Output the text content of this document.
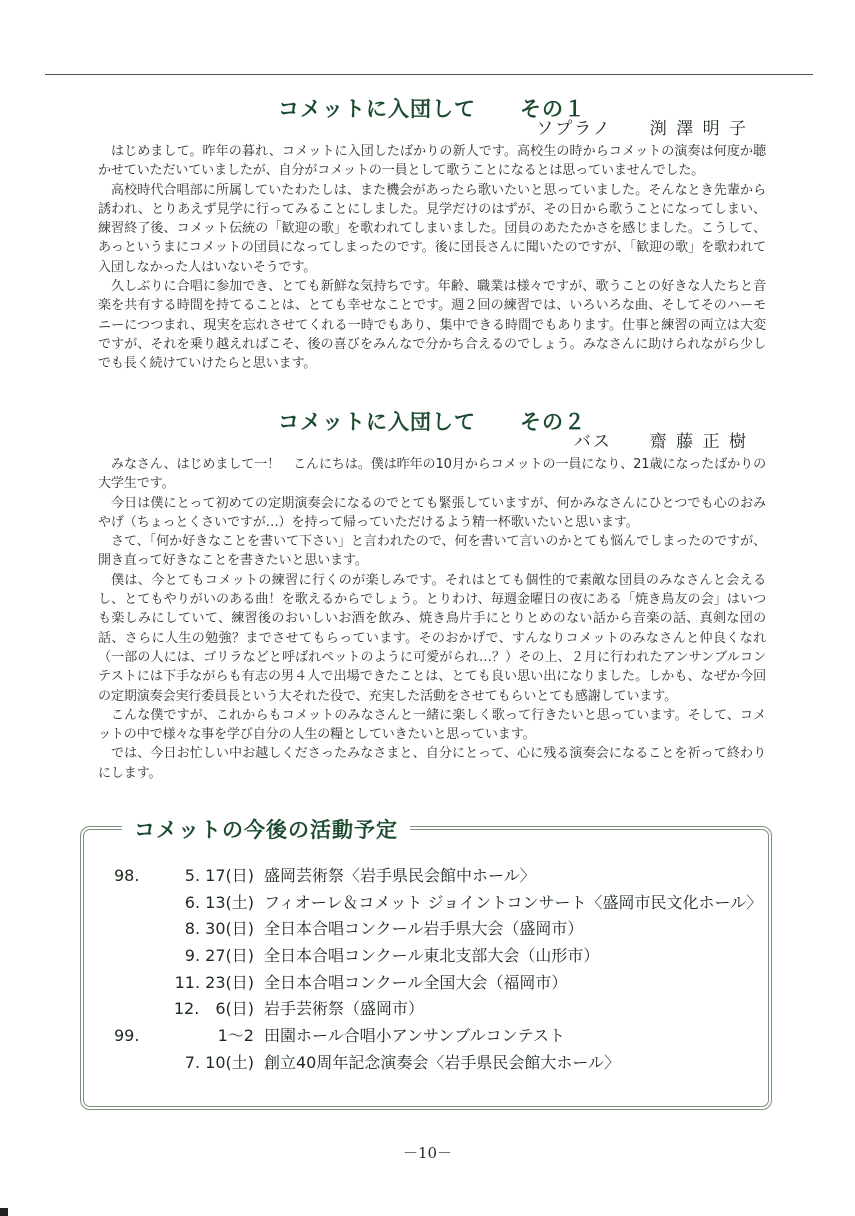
コメットに入団して　　その１
ソプラノ　　渕 澤 明 子

はじめまして。昨年の暮れ、コメットに入団したばかりの新人です。高校生の時からコメットの演奏は何度か聴かせていただいていましたが、自分がコメットの一員として歌うことになるとは思っていませんでした。

高校時代合唱部に所属していたわたしは、また機会があったら歌いたいと思っていました。そんなとき先輩から誘われ、とりあえず見学に行ってみることにしました。見学だけのはずが、その日から歌うことになってしまい、練習終了後、コメット伝統の「歓迎の歌」を歌われてしまいました。団員のあたたかさを感じました。こうして、あっというまにコメットの団員になってしまったのです。後に団長さんに聞いたのですが、「歓迎の歌」を歌われて入団しなかった人はいないそうです。

久しぶりに合唱に参加でき、とても新鮮な気持ちです。年齢、職業は様々ですが、歌うことの好きな人たちと音楽を共有する時間を持てることは、とても幸せなことです。週２回の練習では、いろいろな曲、そしてそのハーモニーにつつまれ、現実を忘れさせてくれる一時でもあり、集中できる時間でもあります。仕事と練習の両立は大変ですが、それを乗り越えればこそ、後の喜びをみんなで分かち合えるのでしょう。みなさんに助けられながら少しでも長く続けていけたらと思います。

コメットに入団して　　その２
バス　　齋 藤 正 樹

みなさん、はじめまして一！　こんにちは。僕は昨年の10月からコメットの一員になり、21歳になったばかりの大学生です。

今日は僕にとって初めての定期演奏会になるのでとても緊張していますが、何かみなさんにひとつでも心のおみやげ（ちょっとくさいですが…）を持って帰っていただけるよう精一杯歌いたいと思います。

さて、「何か好きなことを書いて下さい」と言われたので、何を書いて言いのかとても悩んでしまったのですが、開き直って好きなことを書きたいと思います。

僕は、今とてもコメットの練習に行くのが楽しみです。それはとても個性的で素敵な団員のみなさんと会えるし、とてもやりがいのある曲！を歌えるからでしょう。とりわけ、毎週金曜日の夜にある「焼き鳥友の会」はいつも楽しみにしていて、練習後のおいしいお酒を飲み、焼き鳥片手にとりとめのない話から音楽の話、真剣な団の話、さらに人生の勉強？までさせてもらっています。そのおかげで、すんなりコメットのみなさんと仲良くなれ（一部の人には、ゴリラなどと呼ばれペットのように可愛がられ…？）その上、２月に行われたアンサンブルコンテストには下手ながらも有志の男４人で出場できたことは、とても良い思い出になりました。しかも、なぜか今回の定期演奏会実行委員長という大それた役で、充実した活動をさせてもらいとても感謝しています。

こんな僕ですが、これからもコメットのみなさんと一緒に楽しく歌って行きたいと思っています。そして、コメットの中で様々な事を学び自分の人生の糧としていきたいと思っています。

では、今日お忙しい中お越しくださったみなさまと、自分にとって、心に残る演奏会になることを祈って終わりにします。

コメットの今後の活動予定
98.	5. 17(日) 盛岡芸術祭〈岩手県民会館中ホール〉
6. 13(土) フィオーレ＆コメット ジョイントコンサート〈盛岡市民文化ホール〉
8. 30(日) 全日本合唱コンクール岩手県大会（盛岡市）
9. 27(日) 全日本合唱コンクール東北支部大会（山形市）
11. 23(日) 全日本合唱コンクール全国大会（福岡市）
12.　6(日) 岩手芸術祭（盛岡市）
99.	1～2 田園ホール合唱小アンサンブルコンテスト
7. 10(土) 創立40周年記念演奏会〈岩手県民会館大ホール〉
－10－
